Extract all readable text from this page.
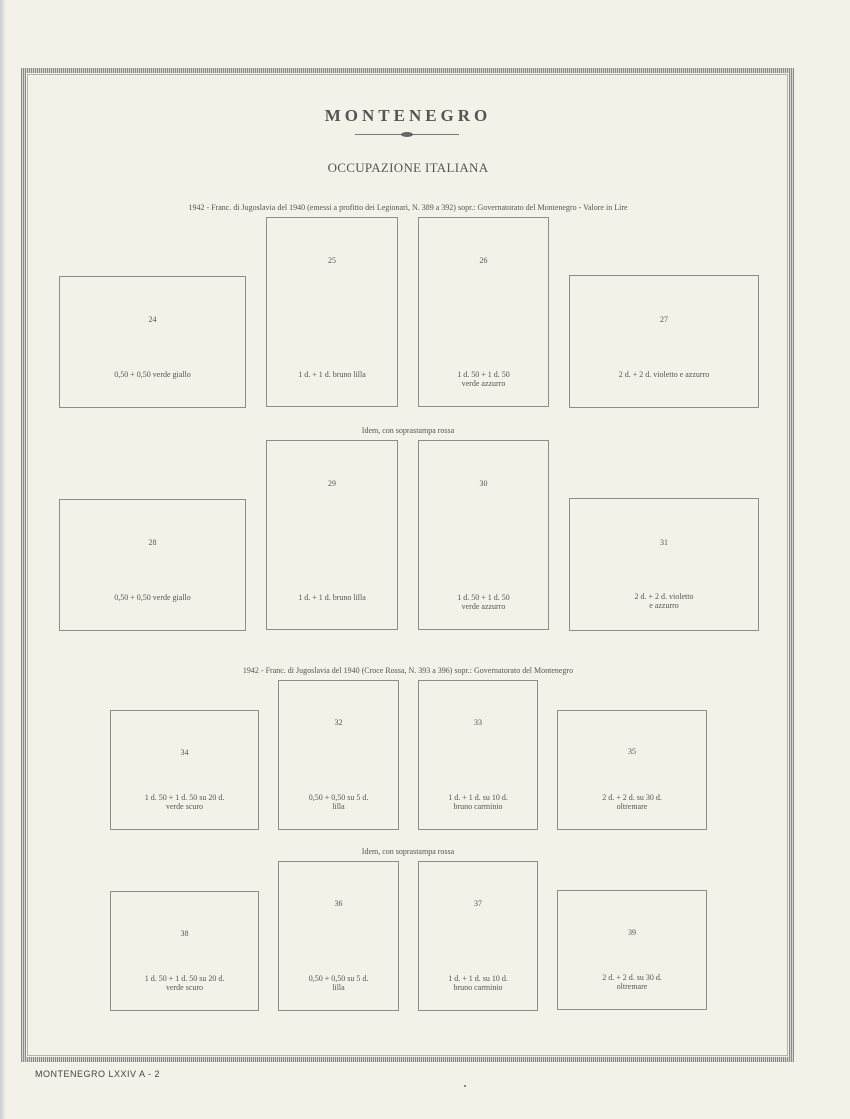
MONTENEGRO
OCCUPAZIONE ITALIANA
1942 - Franc. di Jugoslavia del 1940 (emessi a profitto dei Legionari, N. 389 a 392) sopr.: Governatorato del Montenegro - Valore in Lire
Idem, con soprastampa rossa
1942 - Franc. di Jugoslavia del 1940 (Croce Rossa, N. 393 a 396) sopr.: Governatorato del Montenegro
Idem, con soprastampa rossa
24
0,50 + 0,50 verde giallo
25
1 d. + 1 d. bruno lilla
26
1 d. 50 + 1 d. 50
verde azzurro
27
2 d. + 2 d. violetto e azzurro
28
0,50 + 0,50 verde giallo
29
1 d. + 1 d. bruno lilla
30
1 d. 50 + 1 d. 50
verde azzurro
31
2 d. + 2 d. violetto
e azzurro
34
1 d. 50 + 1 d. 50 su 20 d.
verde scuro
32
0,50 + 0,50 su 5 d.
lilla
33
1 d. + 1 d. su 10 d.
bruno carminio
35
2 d. + 2 d. su 30 d.
oltremare
38
1 d. 50 + 1 d. 50 su 20 d.
verde scuro
36
0,50 + 0,50 su 5 d.
lilla
37
1 d. + 1 d. su 10 d.
bruno carminio
39
2 d. + 2 d. su 30 d.
oltremare
MONTENEGRO LXXIV A - 2
